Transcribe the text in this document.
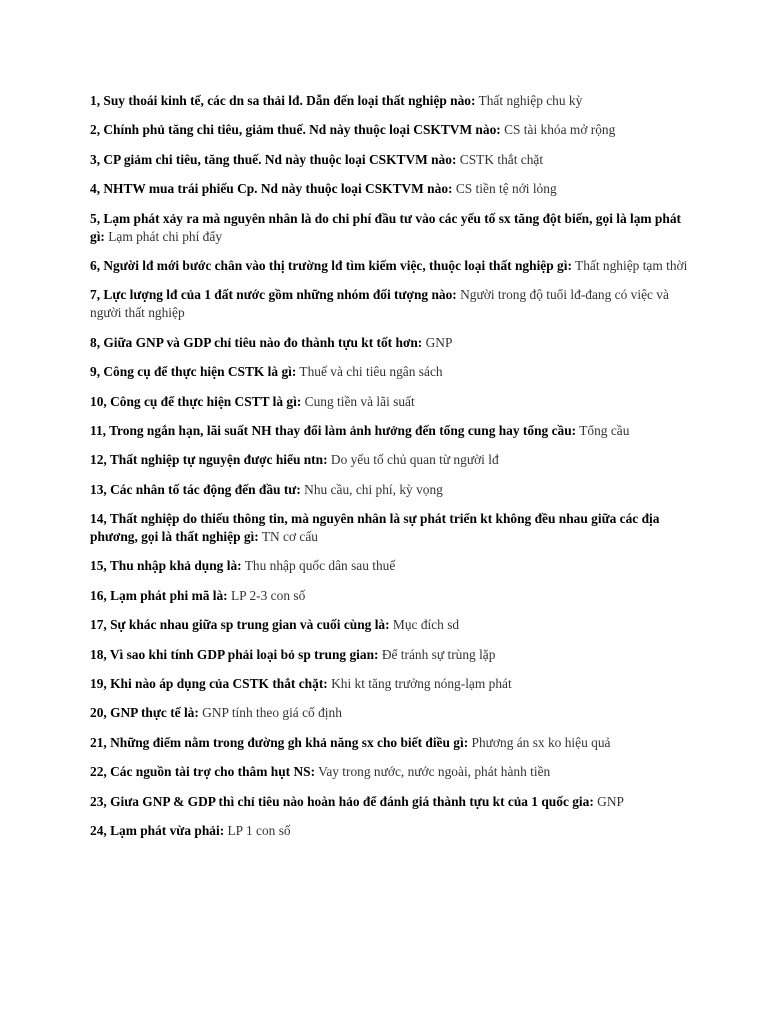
1, Suy thoái kinh tế, các dn sa thải lđ. Dẫn đến loại thất nghiệp nào: Thất nghiệp chu kỳ

2, Chính phủ tăng chi tiêu, giảm thuế. Nd này thuộc loại CSKTVM nào: CS tài khóa mở rộng

3, CP giảm chi tiêu, tăng thuế. Nd này thuộc loại CSKTVM nào: CSTK thắt chặt

4, NHTW mua trái phiếu Cp. Nd này thuộc loại CSKTVM nào: CS tiền tệ nới lỏng

5, Lạm phát xảy ra mà nguyên nhân là do chi phí đầu tư vào các yếu tố sx tăng đột biến, gọi là lạm phát gì: Lạm phát chi phí đẩy

6, Người lđ mới bước chân vào thị trường lđ tìm kiếm việc, thuộc loại thất nghiệp gì: Thất nghiệp tạm thời

7, Lực lượng lđ của 1 đất nước gồm những nhóm đối tượng nào: Người trong độ tuổi lđ-đang có việc và người thất nghiệp

8, Giữa GNP và GDP chỉ tiêu nào đo thành tựu kt tốt hơn: GNP

9, Công cụ để thực hiện CSTK là gì: Thuế và chi tiêu ngân sách

10, Công cụ để thực hiện CSTT là gì: Cung tiền và lãi suất

11, Trong ngắn hạn, lãi suất NH thay đổi làm ảnh hưởng đến tổng cung hay tổng cầu: Tổng cầu

12, Thất nghiệp tự nguyện được hiểu ntn: Do yếu tố chủ quan từ người lđ

13, Các nhân tố tác động đến đầu tư: Nhu cầu, chi phí, kỳ vọng

14, Thất nghiệp do thiếu thông tin, mà nguyên nhân là sự phát triển kt không đều nhau giữa các địa phương, gọi là thất nghiệp gì: TN cơ cấu

15, Thu nhập khả dụng là: Thu nhập quốc dân sau thuế

16, Lạm phát phi mã là: LP 2-3 con số

17, Sự khác nhau giữa sp trung gian và cuối cùng là: Mục đích sd

18, Vì sao khi tính GDP phải loại bỏ sp trung gian: Để tránh sự trùng lặp

19, Khi nào áp dụng của CSTK thắt chặt: Khi kt tăng trưởng nóng-lạm phát

20, GNP thực tế là: GNP tính theo giá cố định

21, Những điểm nằm trong đường gh khả năng sx cho biết điều gì: Phương án sx ko hiệu quả

22, Các nguồn tài trợ cho thâm hụt NS: Vay trong nước, nước ngoài, phát hành tiền

23, Giưa GNP & GDP thì chỉ tiêu nào hoàn hảo để đánh giá thành tựu kt của 1 quốc gia: GNP

24, Lạm phát vừa phải: LP 1 con số
